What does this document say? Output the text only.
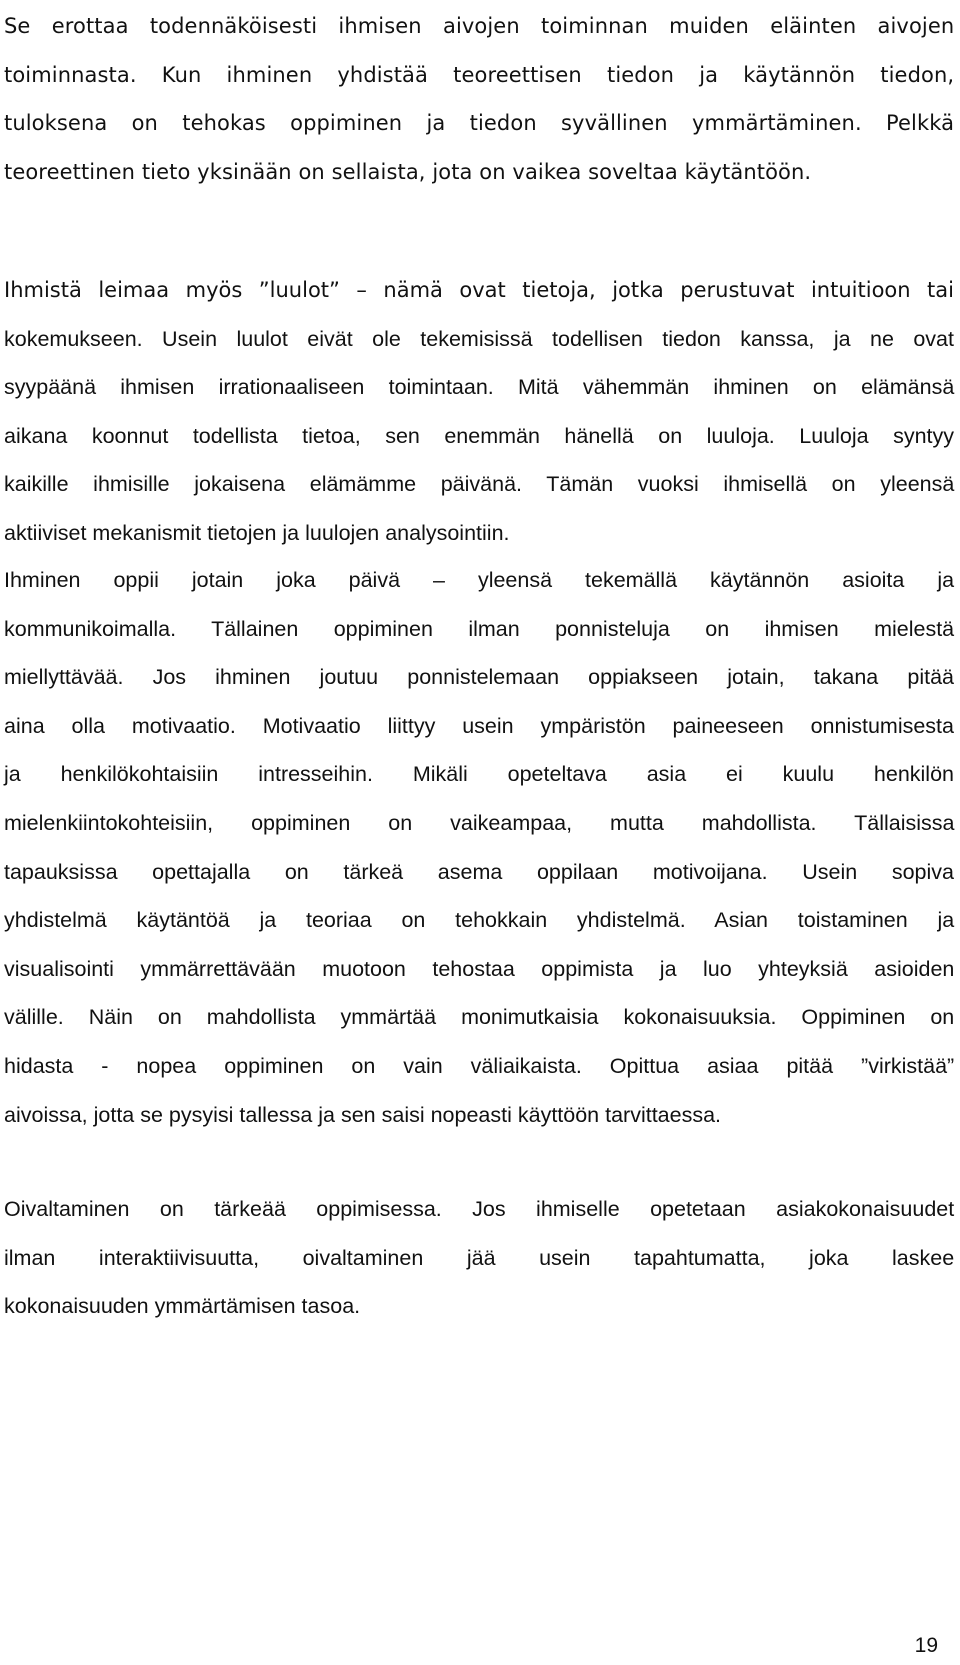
Se erottaa todennäköisesti ihmisen aivojen toiminnan muiden eläinten aivojen
toiminnasta. Kun ihminen yhdistää teoreettisen tiedon ja käytännön tiedon,
tuloksena on tehokas oppiminen ja tiedon syvällinen ymmärtäminen. Pelkkä
teoreettinen tieto yksinään on sellaista, jota on vaikea soveltaa käytäntöön.
Ihmistä leimaa myös ”luulot” – nämä ovat tietoja, jotka perustuvat intuitioon tai
kokemukseen. Usein luulot eivät ole tekemisissä todellisen tiedon kanssa, ja ne ovat
syypäänä ihmisen irrationaaliseen toimintaan. Mitä vähemmän ihminen on elämänsä
aikana koonnut todellista tietoa, sen enemmän hänellä on luuloja. Luuloja syntyy
kaikille ihmisille jokaisena elämämme päivänä. Tämän vuoksi ihmisellä on yleensä
aktiiviset mekanismit tietojen ja luulojen analysointiin.
Ihminen oppii jotain joka päivä – yleensä tekemällä käytännön asioita ja
kommunikoimalla. Tällainen oppiminen ilman ponnisteluja on ihmisen mielestä
miellyttävää. Jos ihminen joutuu ponnistelemaan oppiakseen jotain, takana pitää
aina olla motivaatio. Motivaatio liittyy usein ympäristön paineeseen onnistumisesta
ja henkilökohtaisiin intresseihin. Mikäli opeteltava asia ei kuulu henkilön
mielenkiintokohteisiin, oppiminen on vaikeampaa, mutta mahdollista. Tällaisissa
tapauksissa opettajalla on tärkeä asema oppilaan motivoijana. Usein sopiva
yhdistelmä käytäntöä ja teoriaa on tehokkain yhdistelmä. Asian toistaminen ja
visualisointi ymmärrettävään muotoon tehostaa oppimista ja luo yhteyksiä asioiden
välille. Näin on mahdollista ymmärtää monimutkaisia kokonaisuuksia. Oppiminen on
hidasta - nopea oppiminen on vain väliaikaista. Opittua asiaa pitää ”virkistää”
aivoissa, jotta se pysyisi tallessa ja sen saisi nopeasti käyttöön tarvittaessa.
Oivaltaminen on tärkeää oppimisessa. Jos ihmiselle opetetaan asiakokonaisuudet
ilman interaktiivisuutta, oivaltaminen jää usein tapahtumatta, joka laskee
kokonaisuuden ymmärtämisen tasoa.
19
